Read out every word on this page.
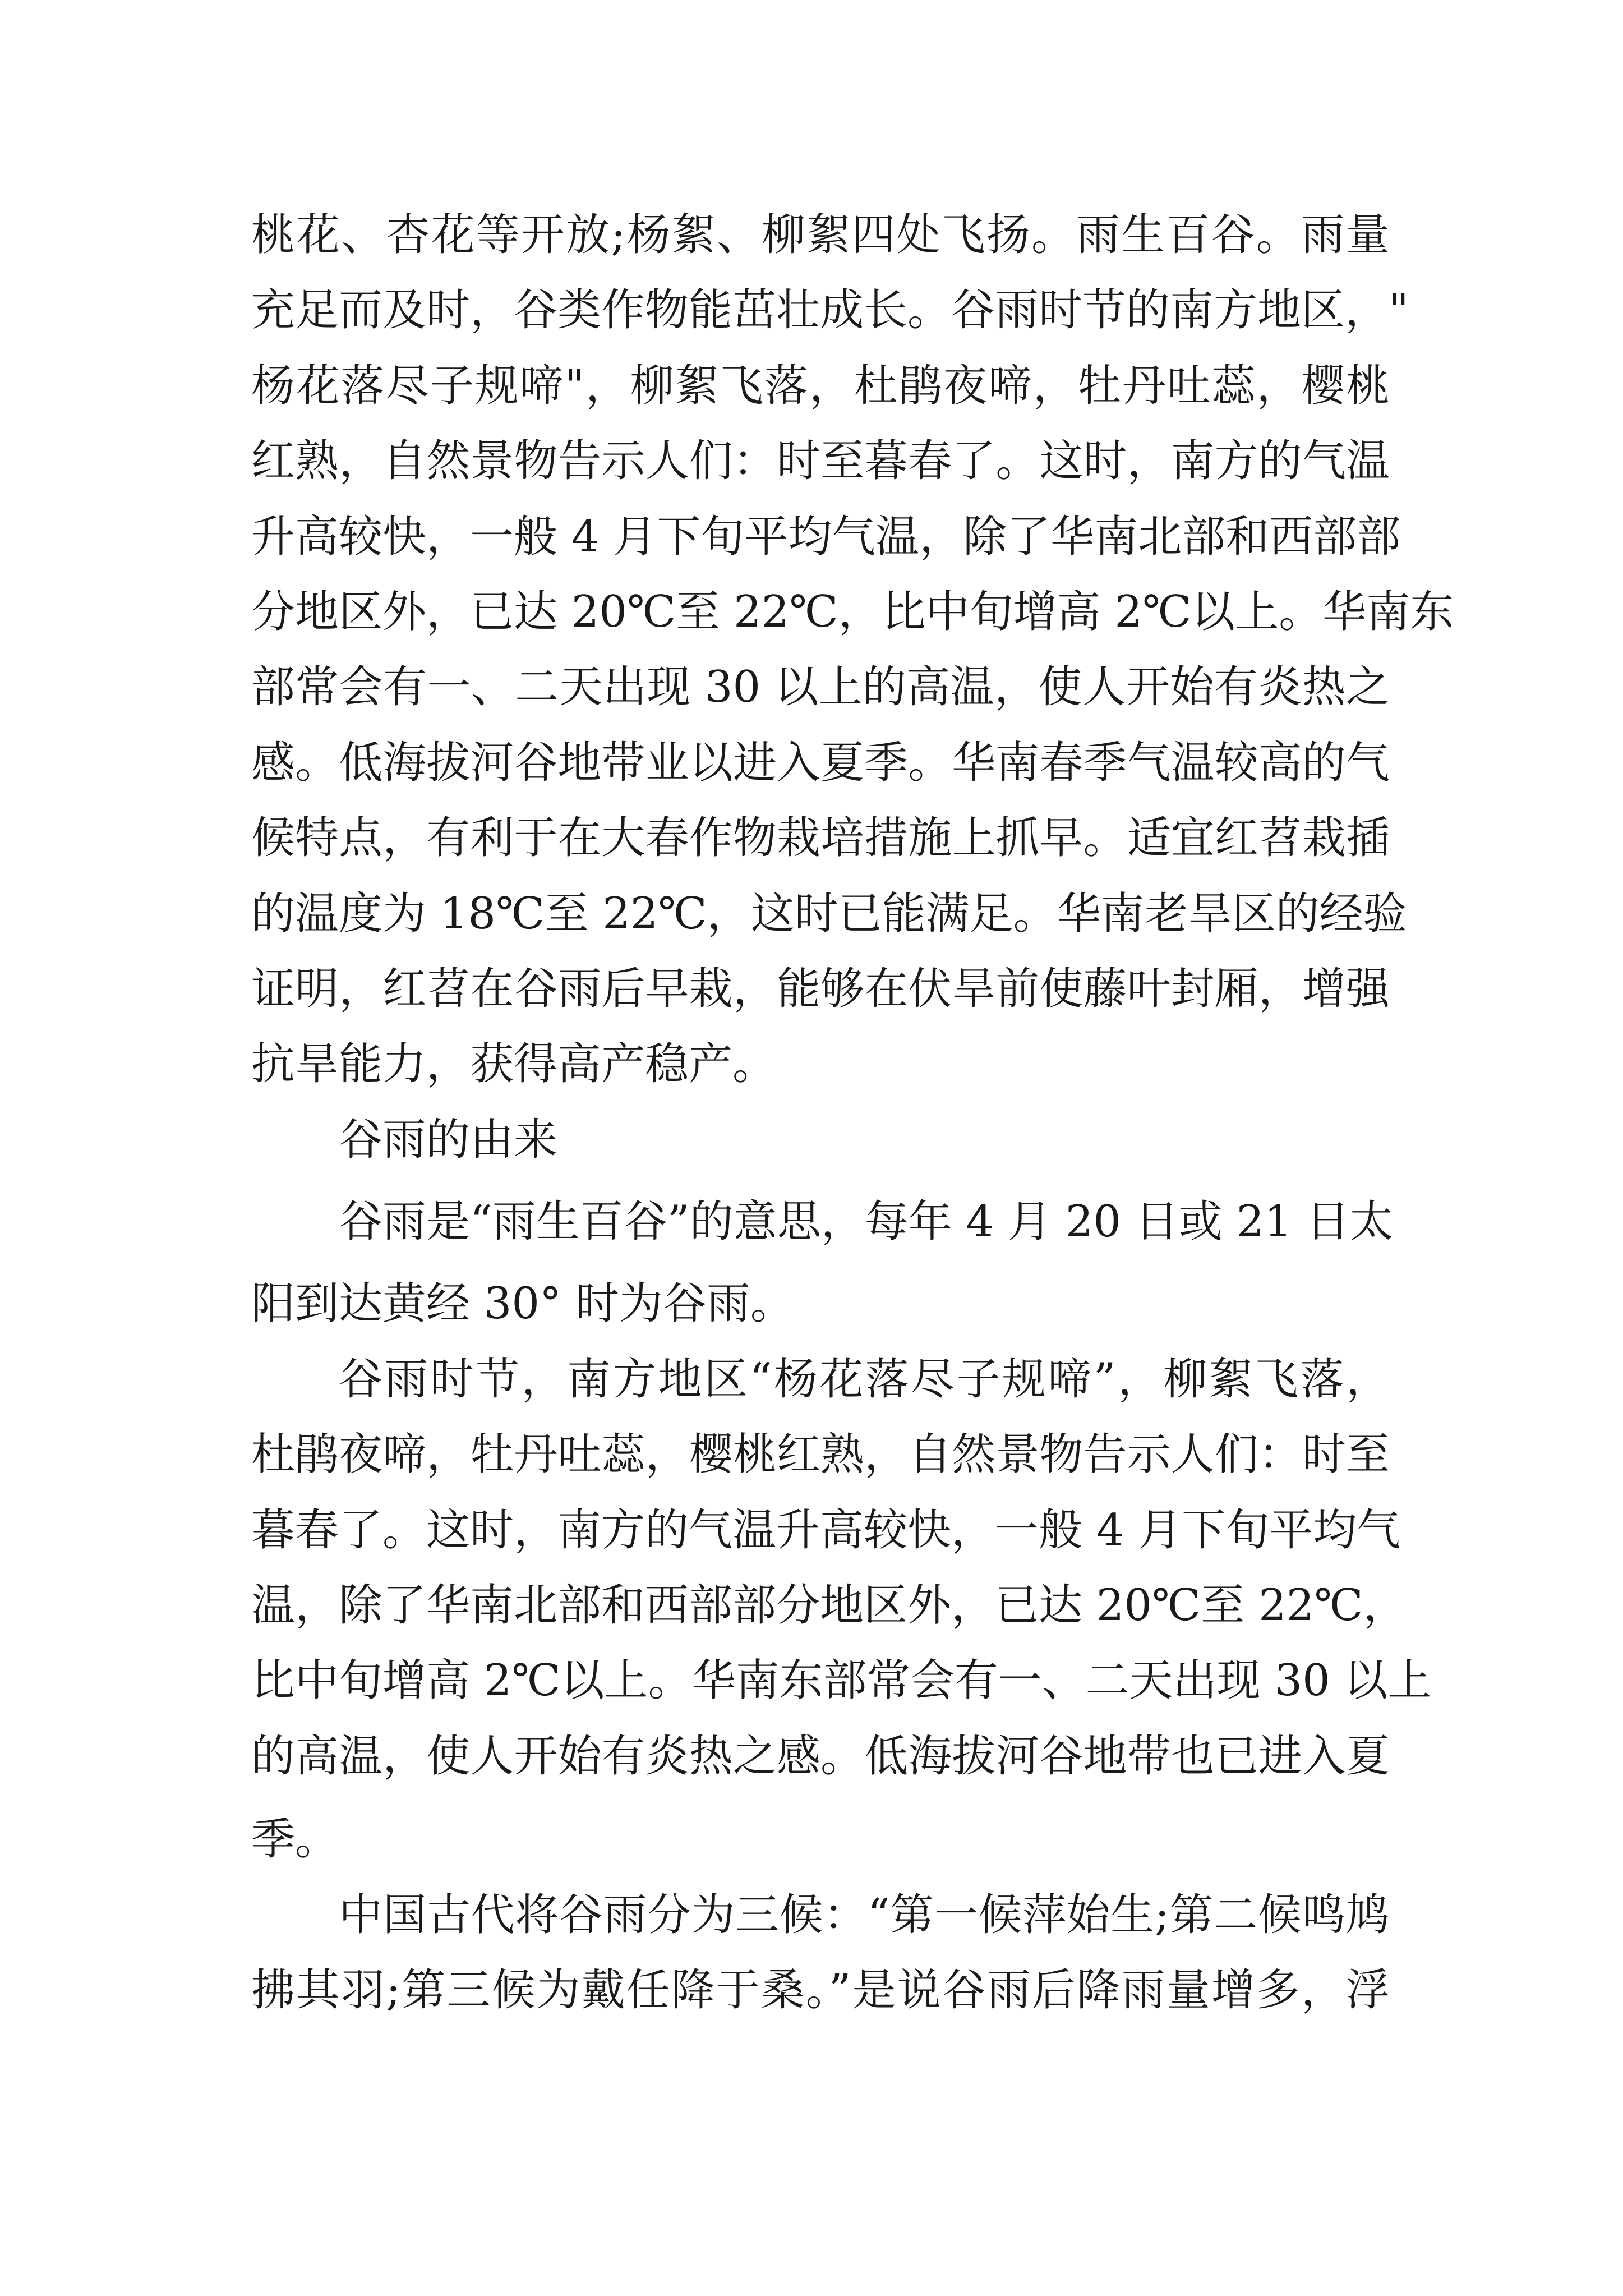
桃花、杏花等开放;杨絮、柳絮四处飞扬。雨生百谷。雨量
充足而及时，谷类作物能茁壮成长。谷雨时节的南方地区，"
杨花落尽子规啼"，柳絮飞落，杜鹃夜啼，牡丹吐蕊，樱桃
红熟，自然景物告示人们：时至暮春了。这时，南方的气温
升高较快，一般 4 月下旬平均气温，除了华南北部和西部部
分地区外，已达 20℃至 22℃，比中旬增高 2℃以上。华南东
部常会有一、二天出现 30 以上的高温，使人开始有炎热之
感。低海拔河谷地带业以进入夏季。华南春季气温较高的气
候特点，有利于在大春作物栽培措施上抓早。适宜红苕栽插
的温度为 18℃至 22℃，这时已能满足。华南老旱区的经验
证明，红苕在谷雨后早栽，能够在伏旱前使藤叶封厢，增强
抗旱能力，获得高产稳产。
谷雨的由来
谷雨是“雨生百谷”的意思，每年 4 月 20 日或 21 日太
阳到达黄经 30° 时为谷雨。
谷雨时节，南方地区“杨花落尽子规啼”，柳絮飞落，
杜鹃夜啼，牡丹吐蕊，樱桃红熟，自然景物告示人们：时至
暮春了。这时，南方的气温升高较快，一般 4 月下旬平均气
温，除了华南北部和西部部分地区外，已达 20℃至 22℃，
比中旬增高 2℃以上。华南东部常会有一、二天出现 30 以上
的高温，使人开始有炎热之感。低海拔河谷地带也已进入夏
季。
中国古代将谷雨分为三候：“第一候萍始生;第二候鸣鸠
拂其羽;第三候为戴任降于桑。”是说谷雨后降雨量增多，浮
